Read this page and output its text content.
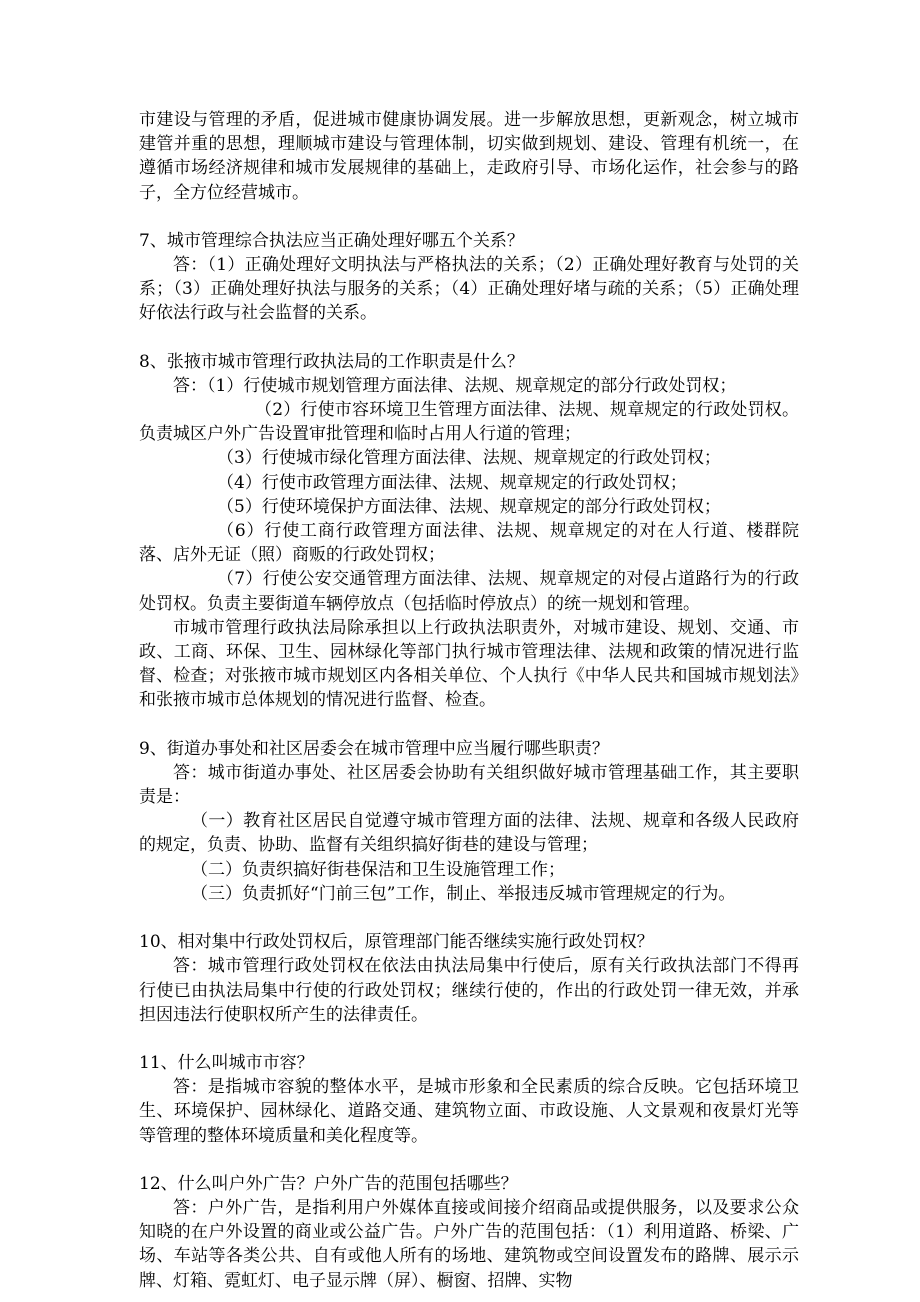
市建设与管理的矛盾，促进城市健康协调发展。进一步解放思想，更新观念，树立城市建管并重的思想，理顺城市建设与管理体制，切实做到规划、建设、管理有机统一，在遵循市场经济规律和城市发展规律的基础上，走政府引导、市场化运作，社会参与的路子，全方位经营城市。

7、城市管理综合执法应当正确处理好哪五个关系？

答：（1）正确处理好文明执法与严格执法的关系；（2）正确处理好教育与处罚的关系；（3）正确处理好执法与服务的关系；（4）正确处理好堵与疏的关系；（5）正确处理好依法行政与社会监督的关系。

8、张掖市城市管理行政执法局的工作职责是什么？

答：（1）行使城市规划管理方面法律、法规、规章规定的部分行政处罚权；

（2）行使市容环境卫生管理方面法律、法规、规章规定的行政处罚权。负责城区户外广告设置审批管理和临时占用人行道的管理；

（3）行使城市绿化管理方面法律、法规、规章规定的行政处罚权；

（4）行使市政管理方面法律、法规、规章规定的行政处罚权；

（5）行使环境保护方面法律、法规、规章规定的部分行政处罚权；

（6）行使工商行政管理方面法律、法规、规章规定的对在人行道、楼群院落、店外无证（照）商贩的行政处罚权；

（7）行使公安交通管理方面法律、法规、规章规定的对侵占道路行为的行政处罚权。负责主要街道车辆停放点（包括临时停放点）的统一规划和管理。

市城市管理行政执法局除承担以上行政执法职责外，对城市建设、规划、交通、市政、工商、环保、卫生、园林绿化等部门执行城市管理法律、法规和政策的情况进行监督、检查；对张掖市城市规划区内各相关单位、个人执行《中华人民共和国城市规划法》和张掖市城市总体规划的情况进行监督、检查。

9、街道办事处和社区居委会在城市管理中应当履行哪些职责？

答：城市街道办事处、社区居委会协助有关组织做好城市管理基础工作，其主要职责是：

（一）教育社区居民自觉遵守城市管理方面的法律、法规、规章和各级人民政府的规定，负责、协助、监督有关组织搞好街巷的建设与管理；

（二）负责织搞好街巷保洁和卫生设施管理工作；

（三）负责抓好“门前三包”工作，制止、举报违反城市管理规定的行为。

10、相对集中行政处罚权后，原管理部门能否继续实施行政处罚权？

答：城市管理行政处罚权在依法由执法局集中行使后，原有关行政执法部门不得再行使已由执法局集中行使的行政处罚权；继续行使的，作出的行政处罚一律无效，并承担因违法行使职权所产生的法律责任。

11、什么叫城市市容？

答：是指城市容貌的整体水平，是城市形象和全民素质的综合反映。它包括环境卫生、环境保护、园林绿化、道路交通、建筑物立面、市政设施、人文景观和夜景灯光等等管理的整体环境质量和美化程度等。

12、什么叫户外广告？户外广告的范围包括哪些？

答：户外广告，是指利用户外媒体直接或间接介绍商品或提供服务，以及要求公众知晓的在户外设置的商业或公益广告。户外广告的范围包括：（1）利用道路、桥梁、广场、车站等各类公共、自有或他人所有的场地、建筑物或空间设置发布的路牌、展示示牌、灯箱、霓虹灯、电子显示牌（屏）、橱窗、招牌、实物
